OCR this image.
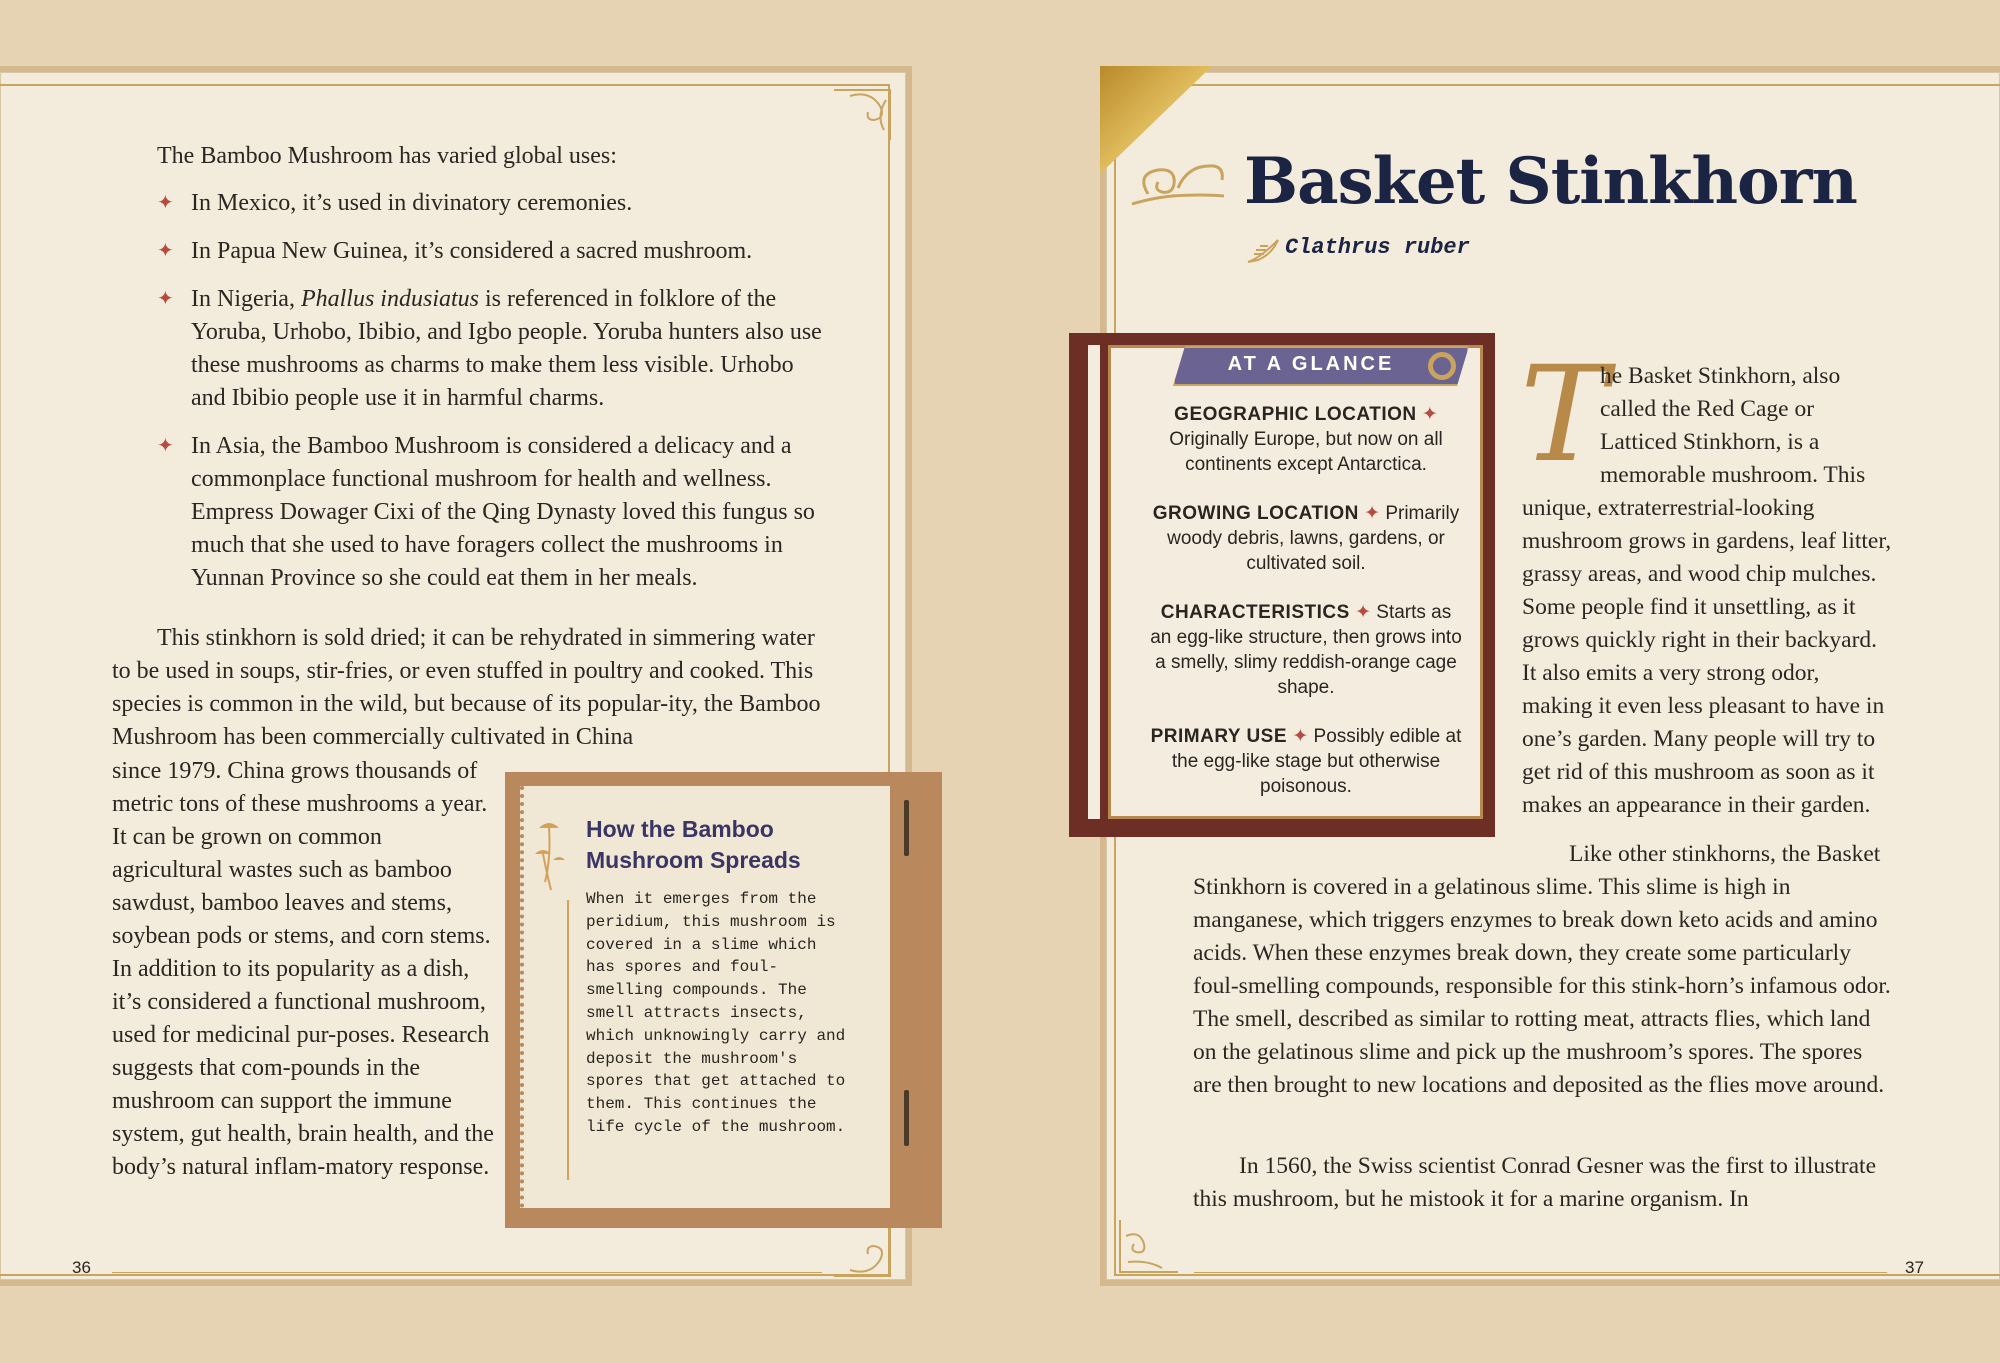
The Bamboo Mushroom has varied global uses:
✦ In Mexico, it’s used in divinatory ceremonies.
✦ In Papua New Guinea, it’s considered a sacred mushroom.
✦ In Nigeria, Phallus indusiatus is referenced in folklore of the Yoruba, Urhobo, Ibibio, and Igbo people. Yoruba hunters also use these mushrooms as charms to make them less visible. Urhobo and Ibibio people use it in harmful charms.
✦ In Asia, the Bamboo Mushroom is considered a delicacy and a commonplace functional mushroom for health and wellness. Empress Dowager Cixi of the Qing Dynasty loved this fungus so much that she used to have foragers collect the mushrooms in Yunnan Province so she could eat them in her meals.
This stinkhorn is sold dried; it can be rehydrated in simmering water to be used in soups, stir-fries, or even stuffed in poultry and cooked. This species is common in the wild, but because of its popular-ity, the Bamboo Mushroom has been commercially cultivated in China
since 1979. China grows thousands of metric tons of these mushrooms a year. It can be grown on common agricultural wastes such as bamboo sawdust, bamboo leaves and stems, soybean pods or stems, and corn stems. In addition to its popularity as a dish, it’s considered a functional mushroom, used for medicinal pur-poses. Research suggests that com-pounds in the mushroom can support the immune system, gut health, brain health, and the body’s natural inflam-matory response.
How the Bamboo Mushroom Spreads
When it emerges from the peridium, this mushroom is covered in a slime which has spores and foul-smelling compounds. The smell attracts insects, which unknowingly carry and deposit the mushroom's spores that get attached to them. This continues the life cycle of the mushroom.
36
Basket Stinkhorn
Clathrus ruber
AT A GLANCE
GEOGRAPHIC LOCATION ✦ Originally Europe, but now on all continents except Antarctica.
GROWING LOCATION ✦ Primarily woody debris, lawns, gardens, or cultivated soil.
CHARACTERISTICS ✦ Starts as an egg-like structure, then grows into a smelly, slimy reddish-orange cage shape.
PRIMARY USE ✦ Possibly edible at the egg-like stage but otherwise poisonous.
T
he Basket Stinkhorn, also called the Red Cage or Latticed Stinkhorn, is a memorable mushroom. This unique, extraterrestrial-looking mushroom grows in gardens, leaf litter, grassy areas, and wood chip mulches. Some people find it unsettling, as it grows quickly right in their backyard. It also emits a very strong odor, making it even less pleasant to have in one’s garden. Many people will try to get rid of this mushroom as soon as it makes an appearance in their garden.
Like other stinkhorns, the Basket Stinkhorn is covered in a gelatinous slime. This slime is high in manganese, which triggers enzymes to break down keto acids and amino acids. When these enzymes break down, they create some particularly foul-smelling compounds, responsible for this stink-horn’s infamous odor. The smell, described as similar to rotting meat, attracts flies, which land on the gelatinous slime and pick up the mushroom’s spores. The spores are then brought to new locations and deposited as the flies move around.
In 1560, the Swiss scientist Conrad Gesner was the first to illustrate this mushroom, but he mistook it for a marine organism. In
37
